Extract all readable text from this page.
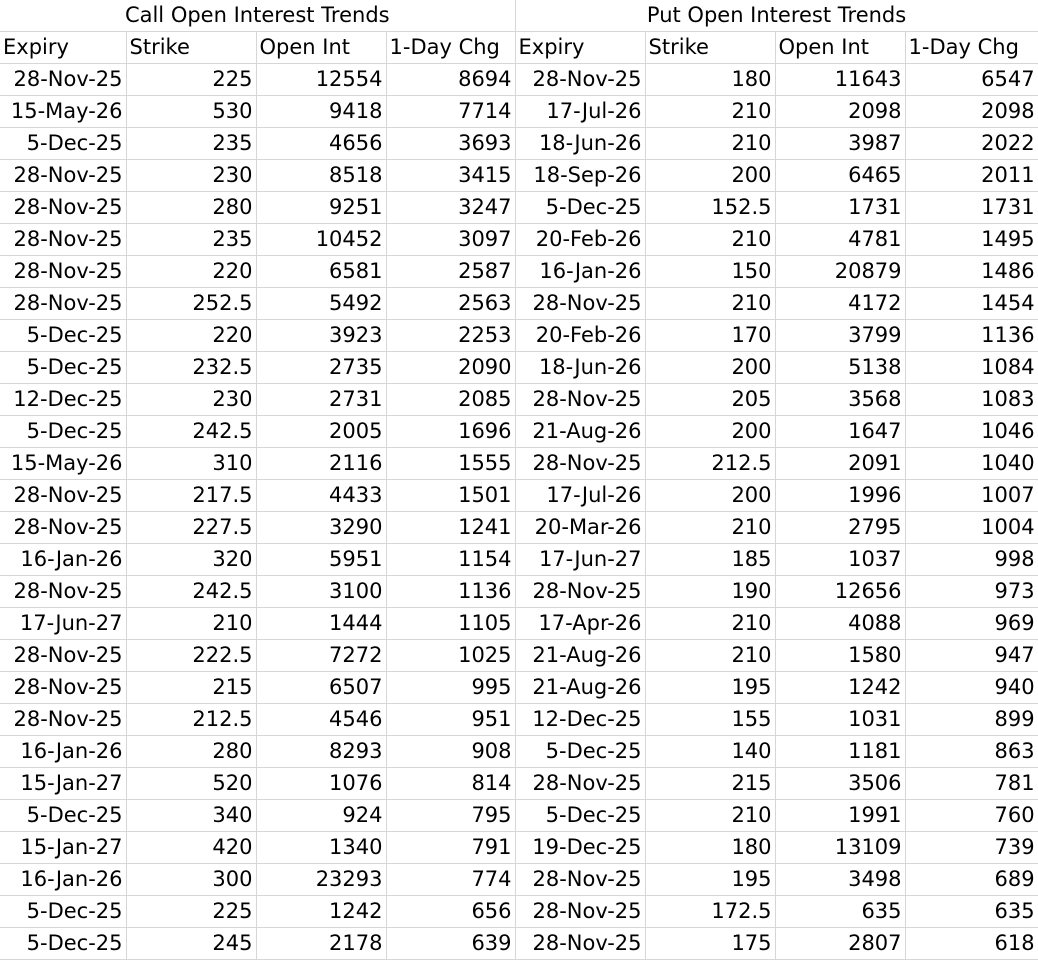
Call Open Interest Trends				Put Open Interest Trends			
Expiry	Strike	Open Int	1-Day Chg	Expiry	Strike	Open Int	1-Day Chg
28-Nov-25	225	12554	8694	28-Nov-25	180	11643	6547
15-May-26	530	9418	7714	17-Jul-26	210	2098	2098
5-Dec-25	235	4656	3693	18-Jun-26	210	3987	2022
28-Nov-25	230	8518	3415	18-Sep-26	200	6465	2011
28-Nov-25	280	9251	3247	5-Dec-25	152.5	1731	1731
28-Nov-25	235	10452	3097	20-Feb-26	210	4781	1495
28-Nov-25	220	6581	2587	16-Jan-26	150	20879	1486
28-Nov-25	252.5	5492	2563	28-Nov-25	210	4172	1454
5-Dec-25	220	3923	2253	20-Feb-26	170	3799	1136
5-Dec-25	232.5	2735	2090	18-Jun-26	200	5138	1084
12-Dec-25	230	2731	2085	28-Nov-25	205	3568	1083
5-Dec-25	242.5	2005	1696	21-Aug-26	200	1647	1046
15-May-26	310	2116	1555	28-Nov-25	212.5	2091	1040
28-Nov-25	217.5	4433	1501	17-Jul-26	200	1996	1007
28-Nov-25	227.5	3290	1241	20-Mar-26	210	2795	1004
16-Jan-26	320	5951	1154	17-Jun-27	185	1037	998
28-Nov-25	242.5	3100	1136	28-Nov-25	190	12656	973
17-Jun-27	210	1444	1105	17-Apr-26	210	4088	969
28-Nov-25	222.5	7272	1025	21-Aug-26	210	1580	947
28-Nov-25	215	6507	995	21-Aug-26	195	1242	940
28-Nov-25	212.5	4546	951	12-Dec-25	155	1031	899
16-Jan-26	280	8293	908	5-Dec-25	140	1181	863
15-Jan-27	520	1076	814	28-Nov-25	215	3506	781
5-Dec-25	340	924	795	5-Dec-25	210	1991	760
15-Jan-27	420	1340	791	19-Dec-25	180	13109	739
16-Jan-26	300	23293	774	28-Nov-25	195	3498	689
5-Dec-25	225	1242	656	28-Nov-25	172.5	635	635
5-Dec-25	245	2178	639	28-Nov-25	175	2807	618
